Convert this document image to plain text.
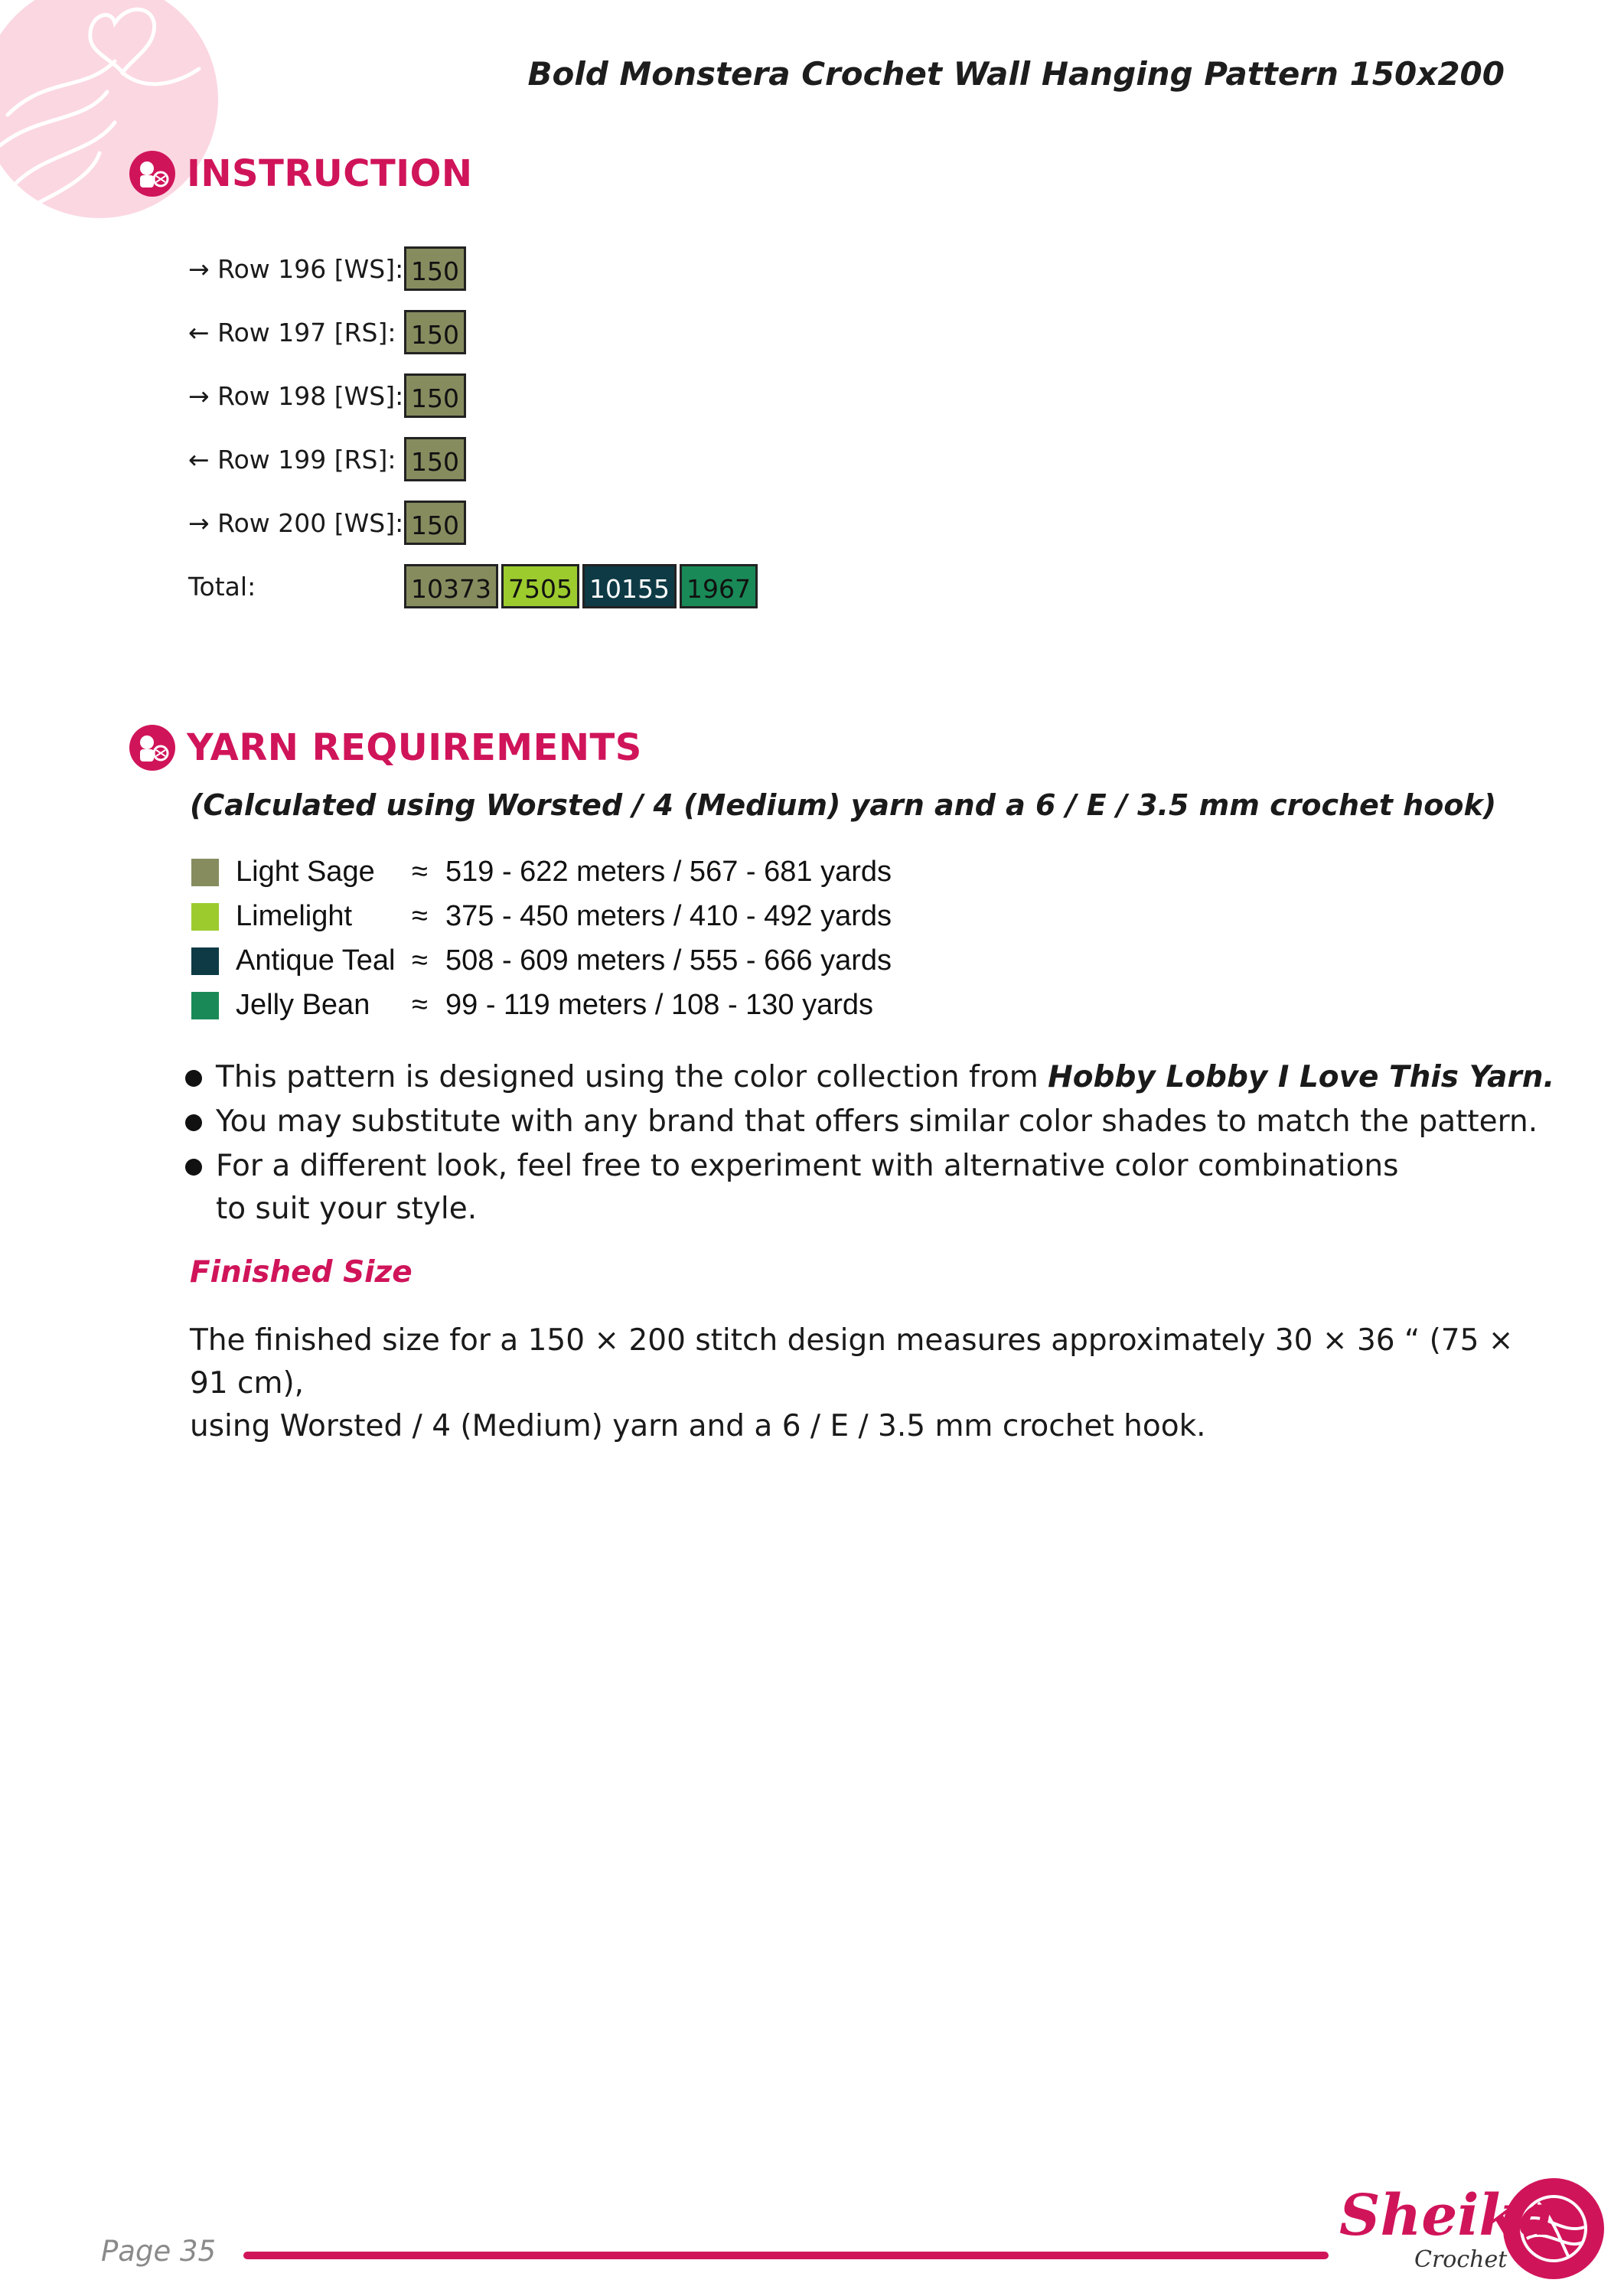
Bold Monstera Crochet Wall Hanging Pattern 150x200
INSTRUCTION
→ Row 196 [WS]: 150
← Row 197 [RS]: 150
→ Row 198 [WS]: 150
← Row 199 [RS]: 150
→ Row 200 [WS]: 150
Total:	10373 7505 10155 1967
YARN REQUIREMENTS
(Calculated using Worsted / 4 (Medium) yarn and a 6 / E / 3.5 mm crochet hook)
Light Sage	≈ 519 - 622 meters / 567 - 681 yards
Limelight	≈ 375 - 450 meters / 410 - 492 yards
Antique Teal ≈ 508 - 609 meters / 555 - 666 yards
Jelly Bean	≈ 99 - 119 meters / 108 - 130 yards
This pattern is designed using the color collection from Hobby Lobby I Love This Yarn.
You may substitute with any brand that offers similar color shades to match the pattern.
For a different look, feel free to experiment with alternative color combinations
to suit your style.
Finished Size
The finished size for a 150 × 200 stitch design measures approximately 30 × 36 “ (75 × 91 cm),
using Worsted / 4 (Medium) yarn and a 6 / E / 3.5 mm crochet hook.
Page 35
Sheika
Crochet
